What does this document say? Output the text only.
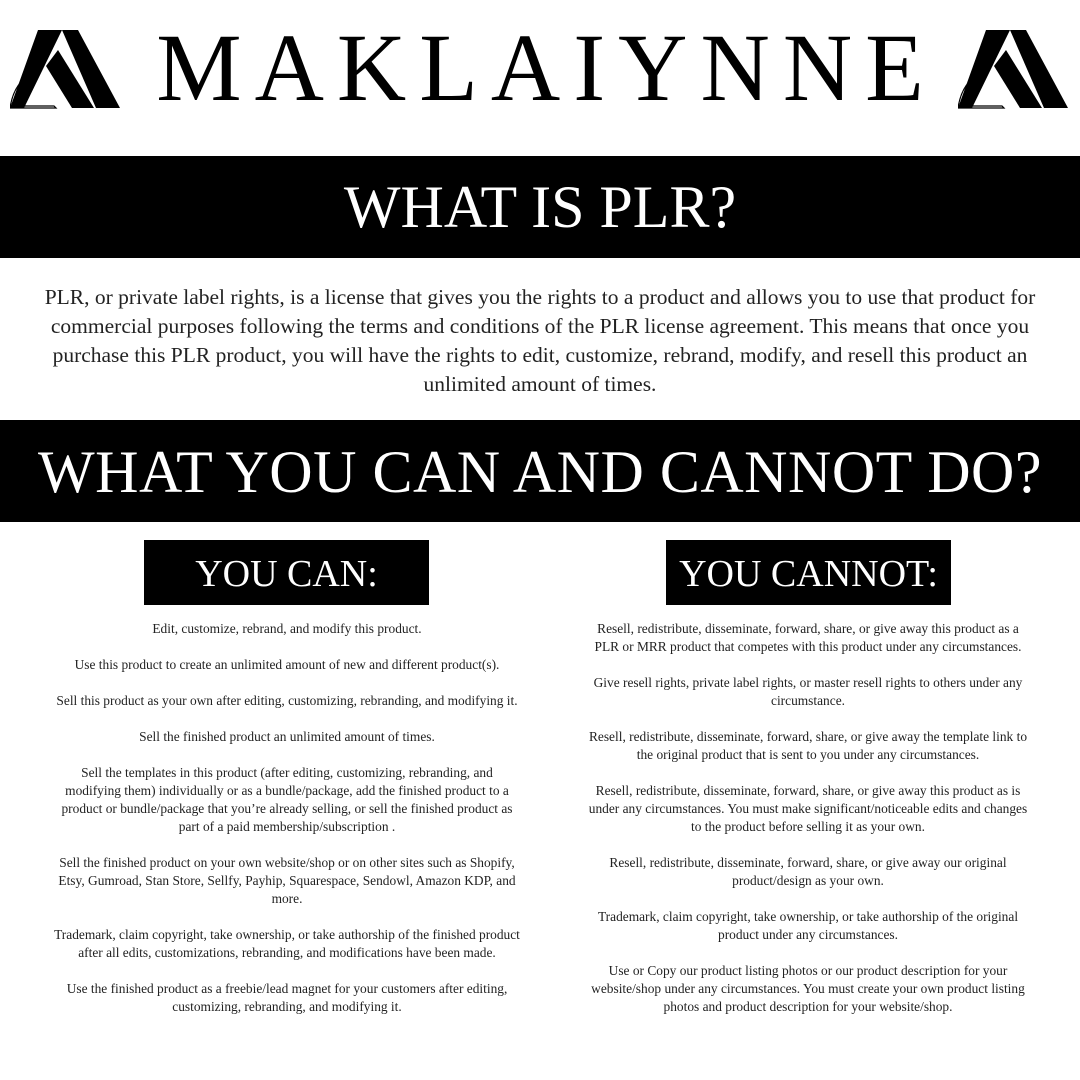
MAKLAIYNNE
WHAT IS PLR?

PLR, or private label rights, is a license that gives you the rights to a product and allows you to use that product for commercial purposes following the terms and conditions of the PLR license agreement. This means that once you purchase this PLR product, you will have the rights to edit, customize, rebrand, modify, and resell this product an unlimited amount of times.

WHAT YOU CAN AND CANNOT DO?
YOU CAN:	YOU CANNOT:
Edit, customize, rebrand, and modify this product.
Use this product to create an unlimited amount of new and different product(s).
Sell this product as your own after editing, customizing, rebranding, and modifying it.
Sell the finished product an unlimited amount of times.
Sell the templates in this product (after editing, customizing, rebranding, and modifying them) individually or as a bundle/package, add the finished product to a product or bundle/package that you’re already selling, or sell the finished product as part of a paid membership/subscription .
Sell the finished product on your own website/shop or on other sites such as Shopify, Etsy, Gumroad, Stan Store, Sellfy, Payhip, Squarespace, Sendowl, Amazon KDP, and more.
Trademark, claim copyright, take ownership, or take authorship of the finished product after all edits, customizations, rebranding, and modifications have been made.
Use the finished product as a freebie/lead magnet for your customers after editing, customizing, rebranding, and modifying it.
Resell, redistribute, disseminate, forward, share, or give away this product as a PLR or MRR product that competes with this product under any circumstances.
Give resell rights, private label rights, or master resell rights to others under any circumstance.
Resell, redistribute, disseminate, forward, share, or give away the template link to the original product that is sent to you under any circumstances.
Resell, redistribute, disseminate, forward, share, or give away this product as is under any circumstances. You must make significant/noticeable edits and changes to the product before selling it as your own.
Resell, redistribute, disseminate, forward, share, or give away our original product/design as your own.
Trademark, claim copyright, take ownership, or take authorship of the original product under any circumstances.
Use or Copy our product listing photos or our product description for your website/shop under any circumstances. You must create your own product listing photos and product description for your website/shop.
